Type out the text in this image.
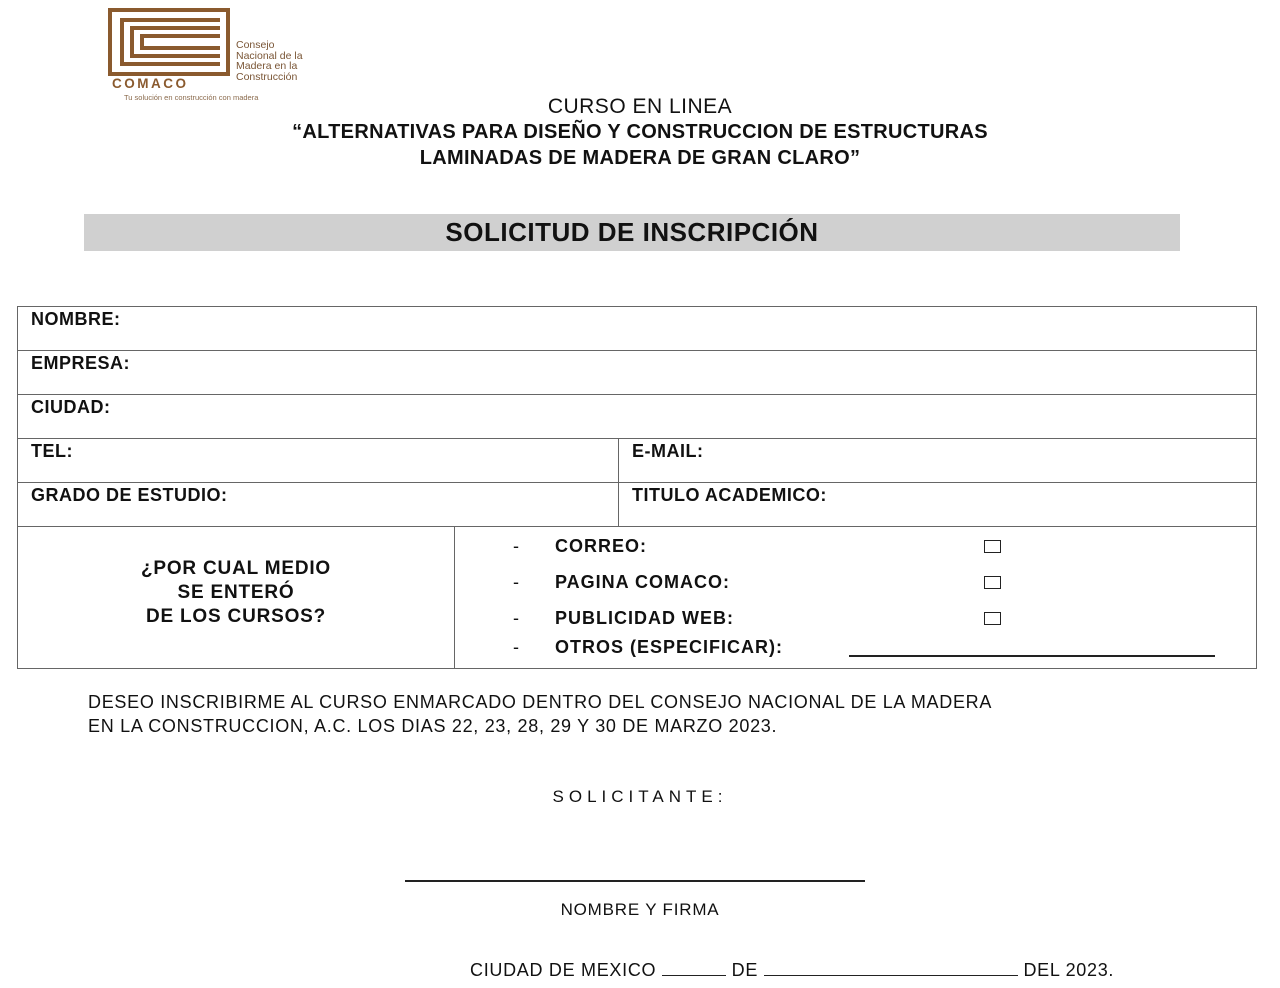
Consejo
Nacional de la
Madera en la
Construcción
COMACO
Tu solución en construcción con madera	CURSO EN LINEA
“ALTERNATIVAS PARA DISEÑO Y CONSTRUCCION DE ESTRUCTURAS
LAMINADAS DE MADERA DE GRAN CLARO”
SOLICITUD DE INSCRIPCIÓN
NOMBRE:
EMPRESA:
CIUDAD:
TEL:	E-MAIL:
GRADO DE ESTUDIO:	TITULO ACADEMICO:
¿POR CUAL MEDIO
SE ENTERÓ
DE LOS CURSOS?
- CORREO:
- PAGINA COMACO:
- PUBLICIDAD WEB:
- OTROS (ESPECIFICAR):
DESEO INSCRIBIRME AL CURSO ENMARCADO DENTRO DEL CONSEJO NACIONAL DE LA MADERA
EN LA CONSTRUCCION, A.C. LOS DIAS 22, 23, 28, 29 Y 30 DE MARZO 2023.
SOLICITANTE:
NOMBRE Y FIRMA
CIUDAD DE MEXICO	DE	DEL 2023.
